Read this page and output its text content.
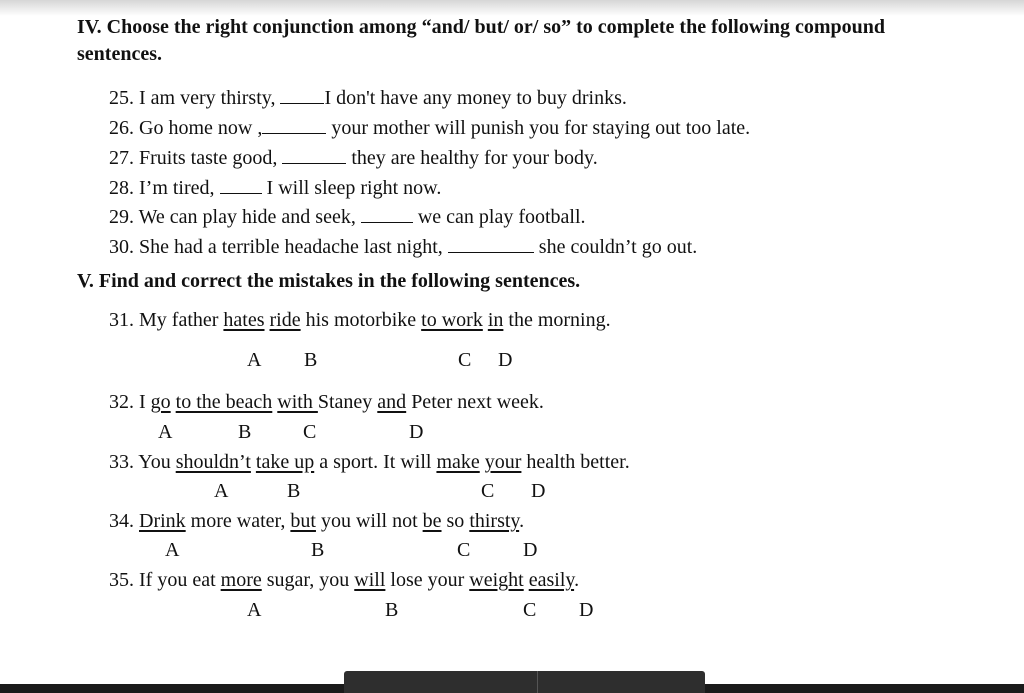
IV. Choose the right conjunction among “and/ but/ or/ so” to complete the following compound
sentences.
25. I am very thirsty, I don't have any money to buy drinks.
26. Go home now ,	your mother will punish you for staying out too late.
27. Fruits taste good,	they are healthy for your body.
28. I’m tired,  I will sleep right now.
29. We can play hide and seek,	we can play football.
30. She had a terrible headache last night,	she couldn’t go out.
V. Find and correct the mistakes in the following sentences.
31. My father hates ride his motorbike to work in the morning.
A B	C D
32. I go to the beach with Staney and Peter next week.
A	B	C	D
33. You shouldn’t take up a sport. It will make your health better.
A	B	C D
34. Drink more water, but you will not be so thirsty.
A	B	C	D
35. If you eat more sugar, you will lose your weight easily.
A	B	C D
